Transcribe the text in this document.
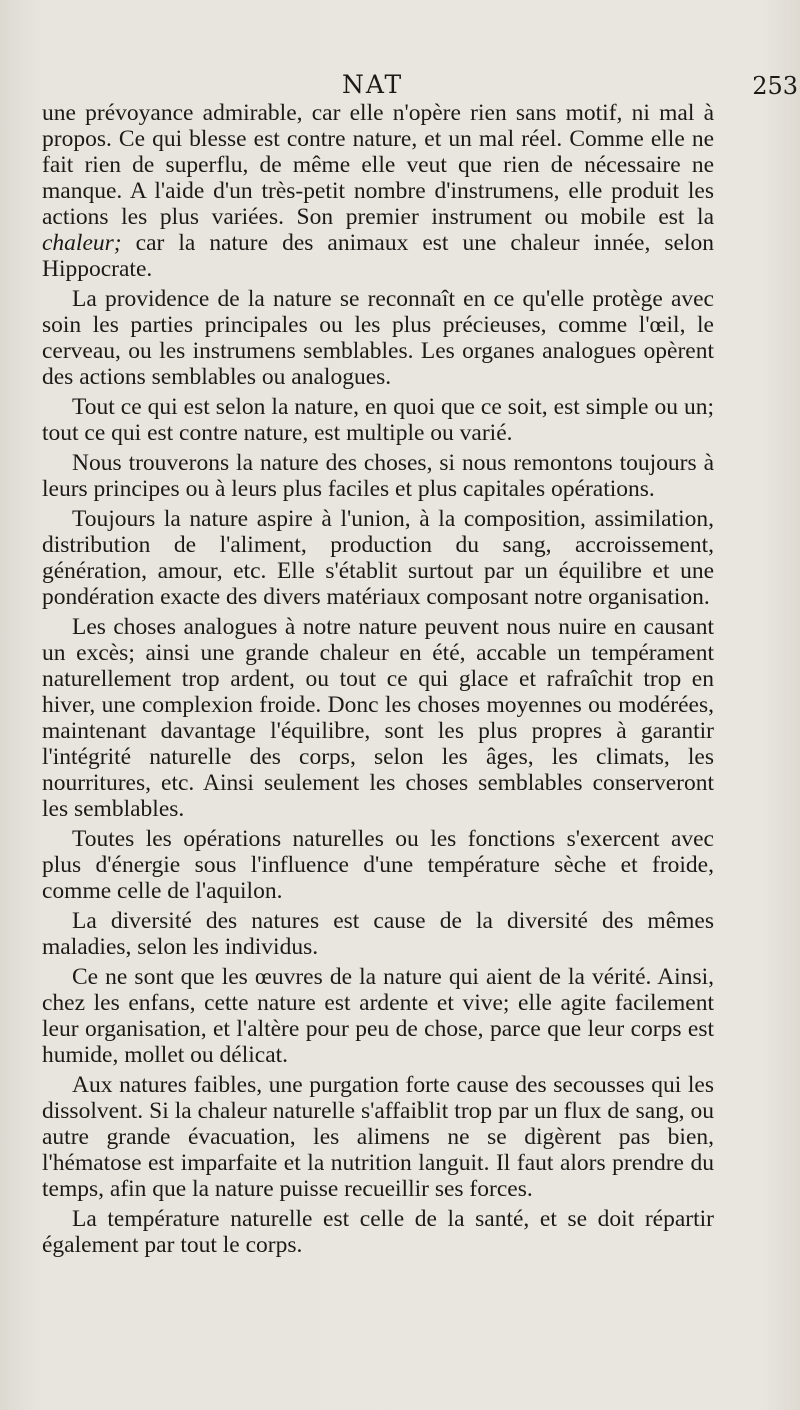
NAT	253

une prévoyance admirable, car elle n'opère rien sans motif, ni mal à propos. Ce qui blesse est contre nature, et un mal réel. Comme elle ne fait rien de superflu, de même elle veut que rien de nécessaire ne manque. A l'aide d'un très-petit nombre d'instrumens, elle produit les actions les plus variées. Son premier instrument ou mobile est la chaleur; car la nature des animaux est une chaleur innée, selon Hippocrate.

La providence de la nature se reconnaît en ce qu'elle protège avec soin les parties principales ou les plus précieuses, comme l'œil, le cerveau, ou les instrumens semblables. Les organes analogues opèrent des actions semblables ou analogues.

Tout ce qui est selon la nature, en quoi que ce soit, est simple ou un; tout ce qui est contre nature, est multiple ou varié.

Nous trouverons la nature des choses, si nous remontons toujours à leurs principes ou à leurs plus faciles et plus capitales opérations.

Toujours la nature aspire à l'union, à la composition, assimilation, distribution de l'aliment, production du sang, accroissement, génération, amour, etc. Elle s'établit surtout par un équilibre et une pondération exacte des divers matériaux composant notre organisation.

Les choses analogues à notre nature peuvent nous nuire en causant un excès; ainsi une grande chaleur en été, accable un tempérament naturellement trop ardent, ou tout ce qui glace et rafraîchit trop en hiver, une complexion froide. Donc les choses moyennes ou modérées, maintenant davantage l'équilibre, sont les plus propres à garantir l'intégrité naturelle des corps, selon les âges, les climats, les nourritures, etc. Ainsi seulement les choses semblables conserveront les semblables.

Toutes les opérations naturelles ou les fonctions s'exercent avec plus d'énergie sous l'influence d'une température sèche et froide, comme celle de l'aquilon.

La diversité des natures est cause de la diversité des mêmes maladies, selon les individus.

Ce ne sont que les œuvres de la nature qui aient de la vérité. Ainsi, chez les enfans, cette nature est ardente et vive; elle agite facilement leur organisation, et l'altère pour peu de chose, parce que leur corps est humide, mollet ou délicat.

Aux natures faibles, une purgation forte cause des secousses qui les dissolvent. Si la chaleur naturelle s'affaiblit trop par un flux de sang, ou autre grande évacuation, les alimens ne se digèrent pas bien, l'hématose est imparfaite et la nutrition languit. Il faut alors prendre du temps, afin que la nature puisse recueillir ses forces.

La température naturelle est celle de la santé, et se doit répartir également par tout le corps.
